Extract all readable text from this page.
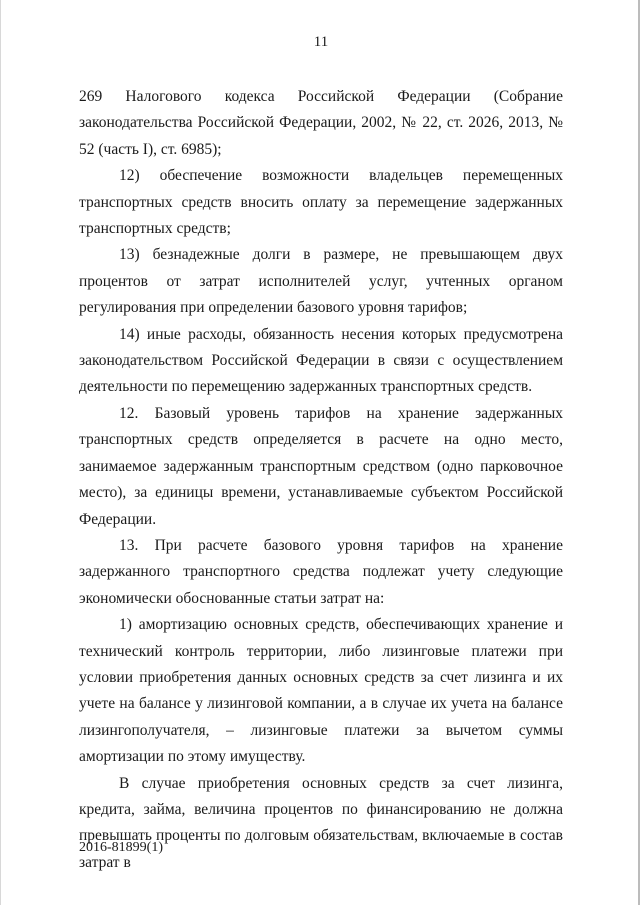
11

269 Налогового кодекса Российской Федерации (Собрание законодательства Российской Федерации, 2002, № 22, ст. 2026, 2013, № 52 (часть I), ст. 6985);

12) обеспечение возможности владельцев перемещенных транспортных средств вносить оплату за перемещение задержанных транспортных средств;

13) безнадежные долги в размере, не превышающем двух процентов от затрат исполнителей услуг, учтенных органом регулирования при определении базового уровня тарифов;

14) иные расходы, обязанность несения которых предусмотрена законодательством Российской Федерации в связи с осуществлением деятельности по перемещению задержанных транспортных средств.

12. Базовый уровень тарифов на хранение задержанных транспортных средств определяется в расчете на одно место, занимаемое задержанным транспортным средством (одно парковочное место), за единицы времени, устанавливаемые субъектом Российской Федерации.

13. При расчете базового уровня тарифов на хранение задержанного транспортного средства подлежат учету следующие экономически обоснованные статьи затрат на:

1) амортизацию основных средств, обеспечивающих хранение и технический контроль территории, либо лизинговые платежи при условии приобретения данных основных средств за счет лизинга и их учете на балансе у лизинговой компании, а в случае их учета на балансе лизингополучателя, – лизинговые платежи за вычетом суммы амортизации по этому имуществу.

В случае приобретения основных средств за счет лизинга, кредита, займа, величина процентов по финансированию не должна превышать проценты по долговым обязательствам, включаемые в состав затрат в

2016-81899(1)
